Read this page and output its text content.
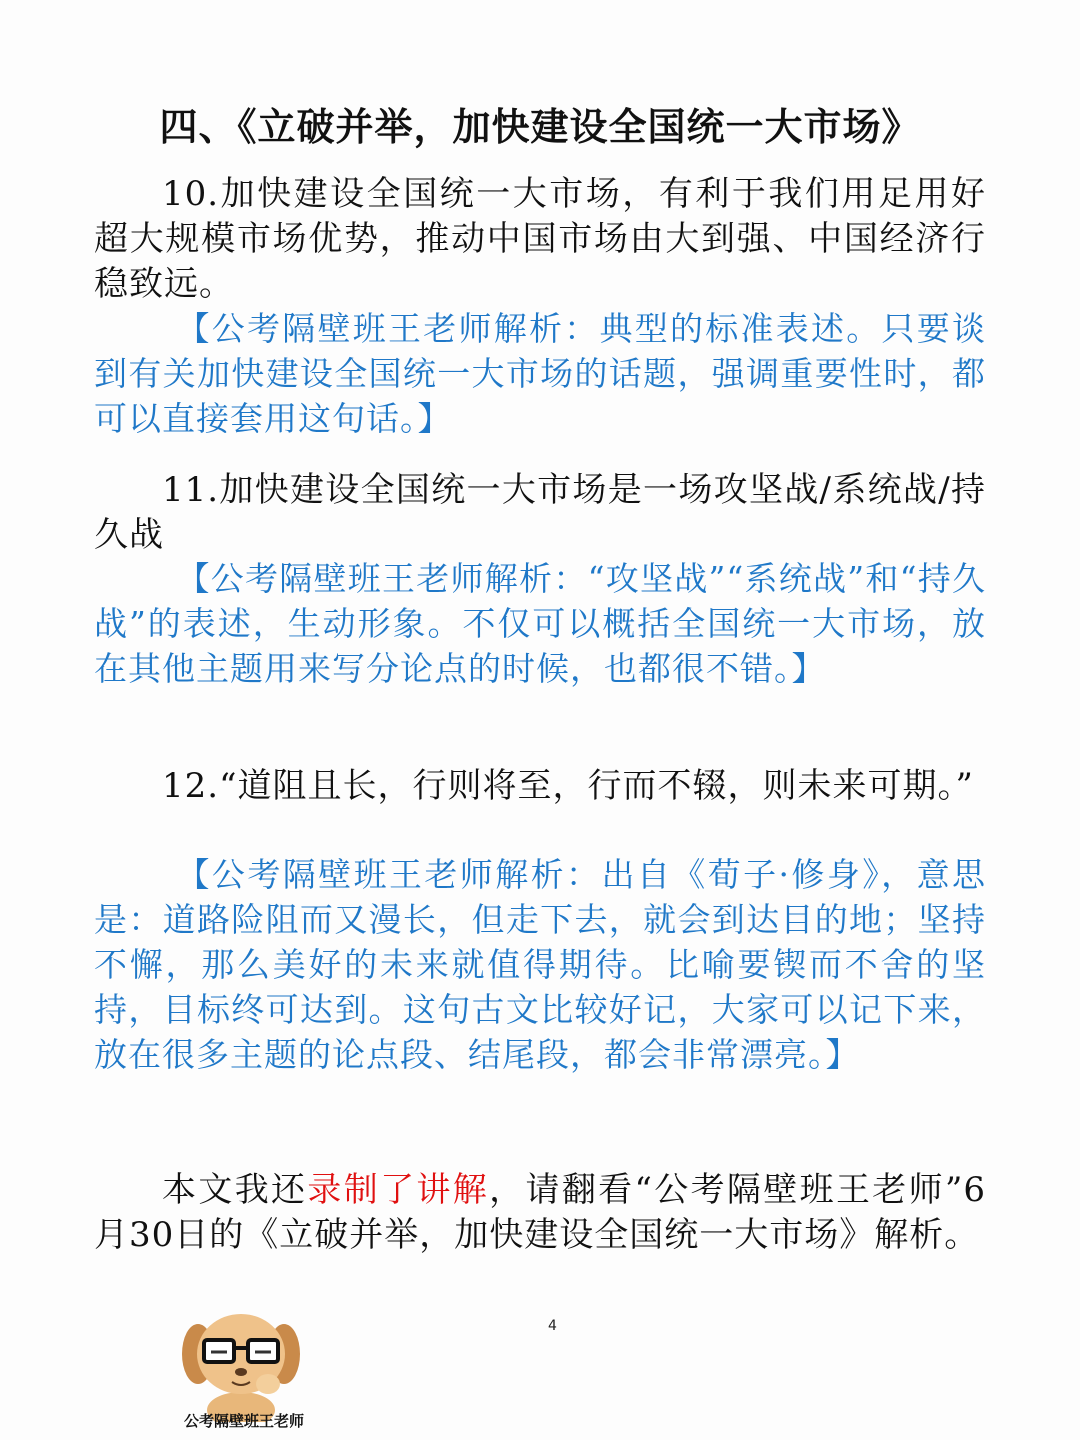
四、《立破并举，加快建设全国统一大市场》
10.加快建设全国统一大市场，有利于我们用足用好超大规模市场优势，推动中国市场由大到强、中国经济行稳致远。
【公考隔壁班王老师解析：典型的标准表述。只要谈到有关加快建设全国统一大市场的话题，强调重要性时，都可以直接套用这句话。】
11.加快建设全国统一大市场是一场攻坚战/系统战/持久战
【公考隔壁班王老师解析：“攻坚战”“系统战”和“持久战”的表述，生动形象。不仅可以概括全国统一大市场，放在其他主题用来写分论点的时候，也都很不错。】
12.“道阻且长，行则将至，行而不辍，则未来可期。”
【公考隔壁班王老师解析：出自《荀子·修身》，意思是：道路险阻而又漫长，但走下去，就会到达目的地；坚持不懈，那么美好的未来就值得期待。比喻要锲而不舍的坚持，目标终可达到。这句古文比较好记，大家可以记下来，放在很多主题的论点段、结尾段，都会非常漂亮。】
本文我还录制了讲解，请翻看“公考隔壁班王老师”6月30日的《立破并举，加快建设全国统一大市场》解析。
4
公考隔壁班王老师
